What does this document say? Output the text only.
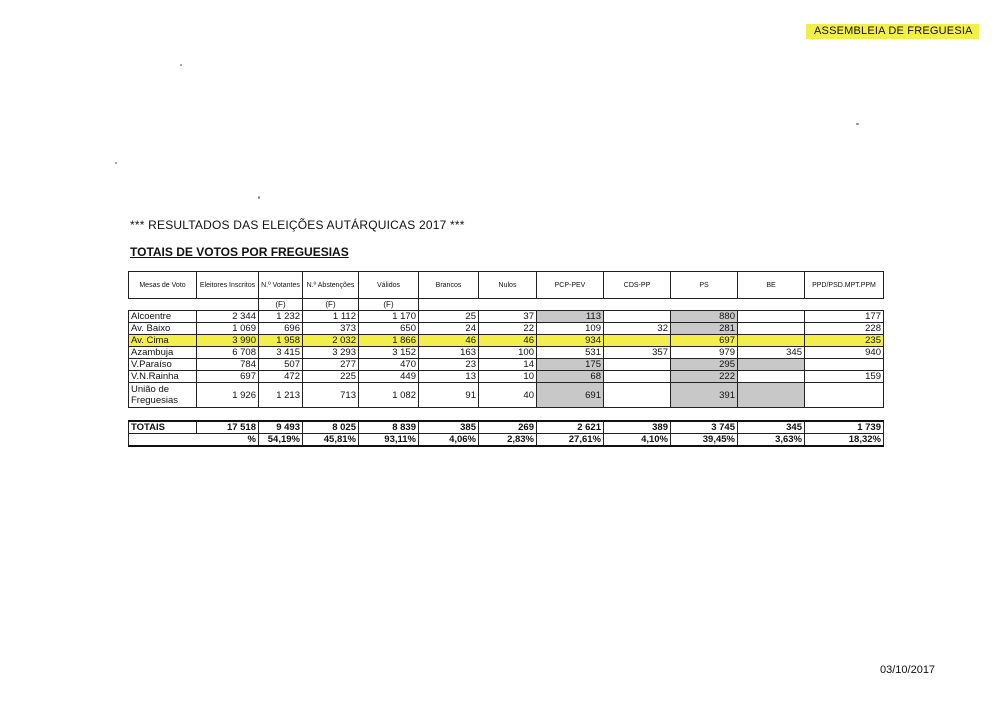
ASSEMBLEIA DE FREGUESIA
*** RESULTADOS DAS ELEIÇÕES AUTÁRQUICAS 2017 ***
TOTAIS DE VOTOS POR FREGUESIAS
Mesas de Voto	Eleitores Inscritos	N.º Votantes	N.º Abstenções	Válidos	Brancos	Nulos	PCP-PEV	CDS-PP	PS	BE	PPD/PSD.MPT.PPM
		(F)	(F)	(F)							
Alcoentre	2 344	1 232	1 112	1 170	25	37	113		880		177
Av. Baixo	1 069	696	373	650	24	22	109	32	281		228
Av. Cima	3 990	1 958	2 032	1 866	46	46	934		697		235
Azambuja	6 708	3 415	3 293	3 152	163	100	531	357	979	345	940
V.Paraíso	784	507	277	470	23	14	175		295		
V.N.Rainha	697	472	225	449	13	10	68		222		159
União de Freguesias	1 926	1 213	713	1 082	91	40	691		391		

TOTAIS	17 518	9 493	8 025	8 839	385	269	2 621	389	3 745	345	1 739
%		54,19%	45,81%	93,11%	4,06%	2,83%	27,61%	4,10%	39,45%	3,63%	18,32%
03/10/2017
